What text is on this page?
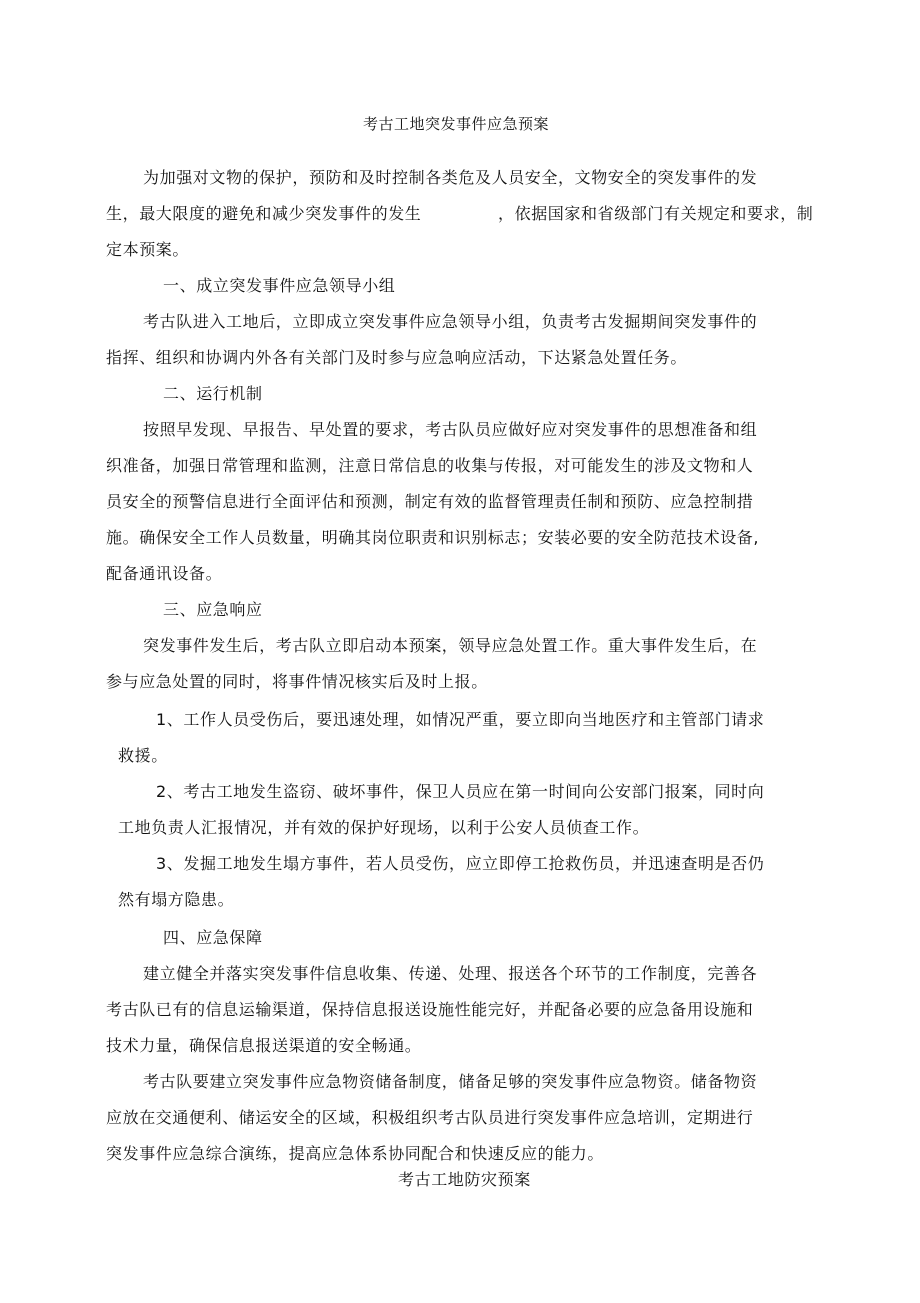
考古工地突发事件应急预案
为加强对文物的保护，预防和及时控制各类危及人员安全，文物安全的突发事件的发
生，最大限度的避免和减少突发事件的发生	，依据国家和省级部门有关规定和要求，制
定本预案。
一、成立突发事件应急领导小组
考古队进入工地后，立即成立突发事件应急领导小组，负责考古发掘期间突发事件的
指挥、组织和协调内外各有关部门及时参与应急响应活动，下达紧急处置任务。
二、运行机制
按照早发现、早报告、早处置的要求，考古队员应做好应对突发事件的思想准备和组
织准备，加强日常管理和监测，注意日常信息的收集与传报，对可能发生的涉及文物和人
员安全的预警信息进行全面评估和预测，制定有效的监督管理责任制和预防、应急控制措
施。确保安全工作人员数量，明确其岗位职责和识别标志；安装必要的安全防范技术设备,
配备通讯设备。
三、应急响应
突发事件发生后，考古队立即启动本预案，领导应急处置工作。重大事件发生后，在
参与应急处置的同时，将事件情况核实后及时上报。
1、工作人员受伤后，要迅速处理，如情况严重，要立即向当地医疗和主管部门请求
救援。
2、考古工地发生盗窃、破坏事件，保卫人员应在第一时间向公安部门报案，同时向
工地负责人汇报情况，并有效的保护好现场，以利于公安人员侦查工作。
3、发掘工地发生塌方事件，若人员受伤，应立即停工抢救伤员，并迅速查明是否仍
然有塌方隐患。
四、应急保障
建立健全并落实突发事件信息收集、传递、处理、报送各个环节的工作制度，完善各
考古队已有的信息运输渠道，保持信息报送设施性能完好，并配备必要的应急备用设施和
技术力量，确保信息报送渠道的安全畅通。
考古队要建立突发事件应急物资储备制度，储备足够的突发事件应急物资。储备物资
应放在交通便利、储运安全的区域，积极组织考古队员进行突发事件应急培训，定期进行
突发事件应急综合演练，提高应急体系协同配合和快速反应的能力。
考古工地防灾预案
